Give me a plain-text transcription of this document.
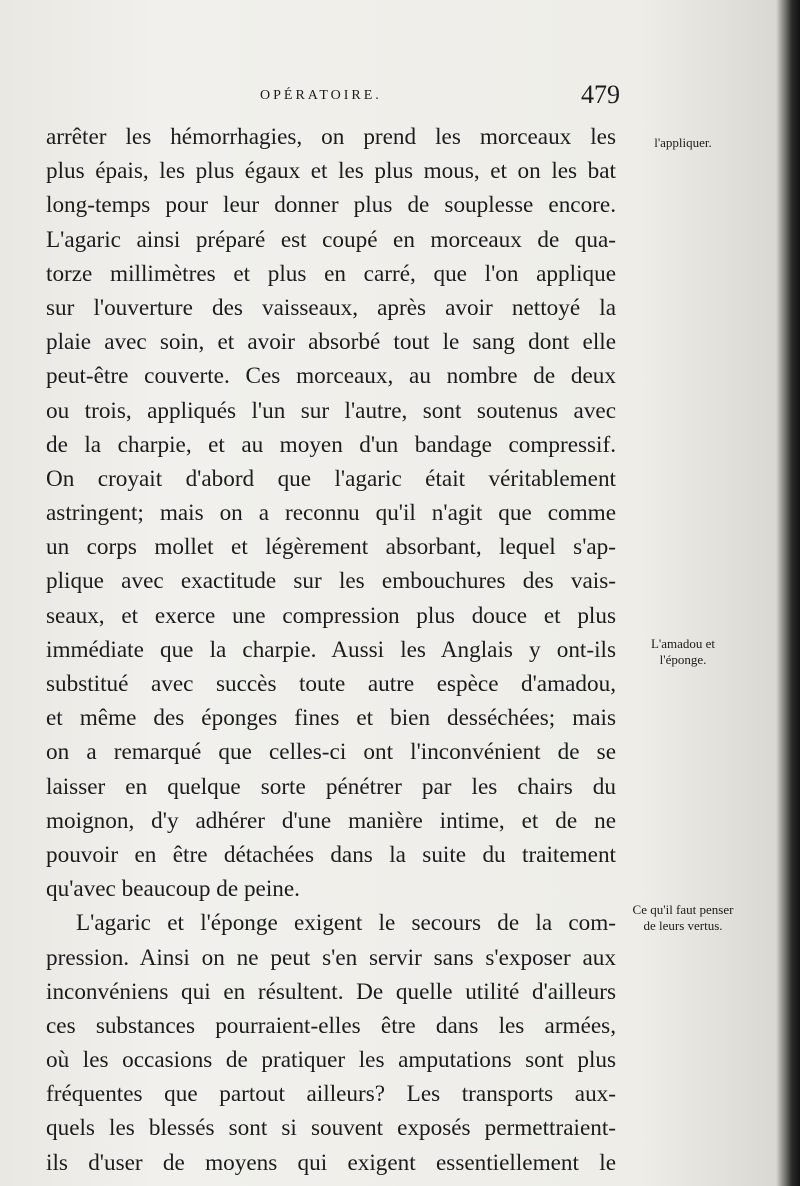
OPÉRATOIRE.	479
arrêter les hémorrhagies, on prend les morceaux les
plus épais, les plus égaux et les plus mous, et on les bat
long-temps pour leur donner plus de souplesse encore.
L'agaric ainsi préparé est coupé en morceaux de qua-
torze millimètres et plus en carré, que l'on applique
sur l'ouverture des vaisseaux, après avoir nettoyé la
plaie avec soin, et avoir absorbé tout le sang dont elle
peut-être couverte. Ces morceaux, au nombre de deux
ou trois, appliqués l'un sur l'autre, sont soutenus avec
de la charpie, et au moyen d'un bandage compressif.
On croyait d'abord que l'agaric était véritablement
astringent; mais on a reconnu qu'il n'agit que comme
un corps mollet et légèrement absorbant, lequel s'ap-
plique avec exactitude sur les embouchures des vais-
seaux, et exerce une compression plus douce et plus
immédiate que la charpie. Aussi les Anglais y ont-ils
substitué avec succès toute autre espèce d'amadou,
et même des éponges fines et bien desséchées; mais
on a remarqué que celles-ci ont l'inconvénient de se
laisser en quelque sorte pénétrer par les chairs du
moignon, d'y adhérer d'une manière intime, et de ne
pouvoir en être détachées dans la suite du traitement
qu'avec beaucoup de peine.
L'agaric et l'éponge exigent le secours de la com-
pression. Ainsi on ne peut s'en servir sans s'exposer aux
inconvéniens qui en résultent. De quelle utilité d'ailleurs
ces substances pourraient-elles être dans les armées,
où les occasions de pratiquer les amputations sont plus
fréquentes que partout ailleurs? Les transports aux-
quels les blessés sont si souvent exposés permettraient-
ils d'user de moyens qui exigent essentiellement le
l'appliquer.
L'amadou et l'éponge.
Ce qu'il faut penser de leurs vertus.
